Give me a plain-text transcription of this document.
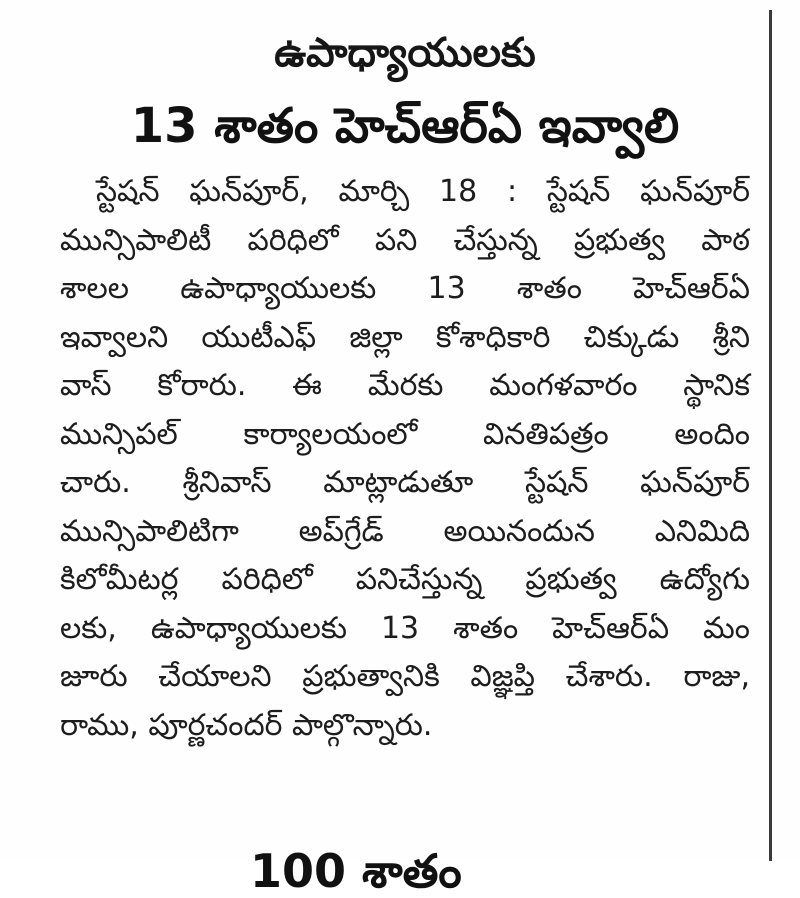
ఉపాధ్యాయులకు
13 శాతం హెచ్‌ఆర్‌ఏ ఇవ్వాలి
స్టేషన్ ఘన్‌పూర్, మార్చి 18 : స్టేషన్ ఘన్‌పూర్
మున్సిపాలిటీ పరిధిలో పని చేస్తున్న ప్రభుత్వ పాఠ
శాలల ఉపాధ్యాయులకు 13 శాతం హెచ్‌ఆర్‌ఏ
ఇవ్వాలని యుటీఎఫ్ జిల్లా కోశాధికారి చిక్కుడు శ్రీని
వాస్ కోరారు. ఈ మేరకు మంగళవారం స్థానిక
మున్సిపల్ కార్యాలయంలో వినతిపత్రం అందిం
చారు. శ్రీనివాస్ మాట్లాడుతూ స్టేషన్ ఘన్‌పూర్
మున్సిపాలిటిగా అప్‌గ్రేడ్ అయినందున ఎనిమిది
కిలోమీటర్ల పరిధిలో పనిచేస్తున్న ప్రభుత్వ ఉద్యోగు
లకు, ఉపాధ్యాయులకు 13 శాతం హెచ్‌ఆర్‌ఏ మం
జూరు చేయాలని ప్రభుత్వానికి విజ్ఞప్తి చేశారు. రాజు,
రాము, పూర్ణచందర్ పాల్గొన్నారు.
100 శాతం
